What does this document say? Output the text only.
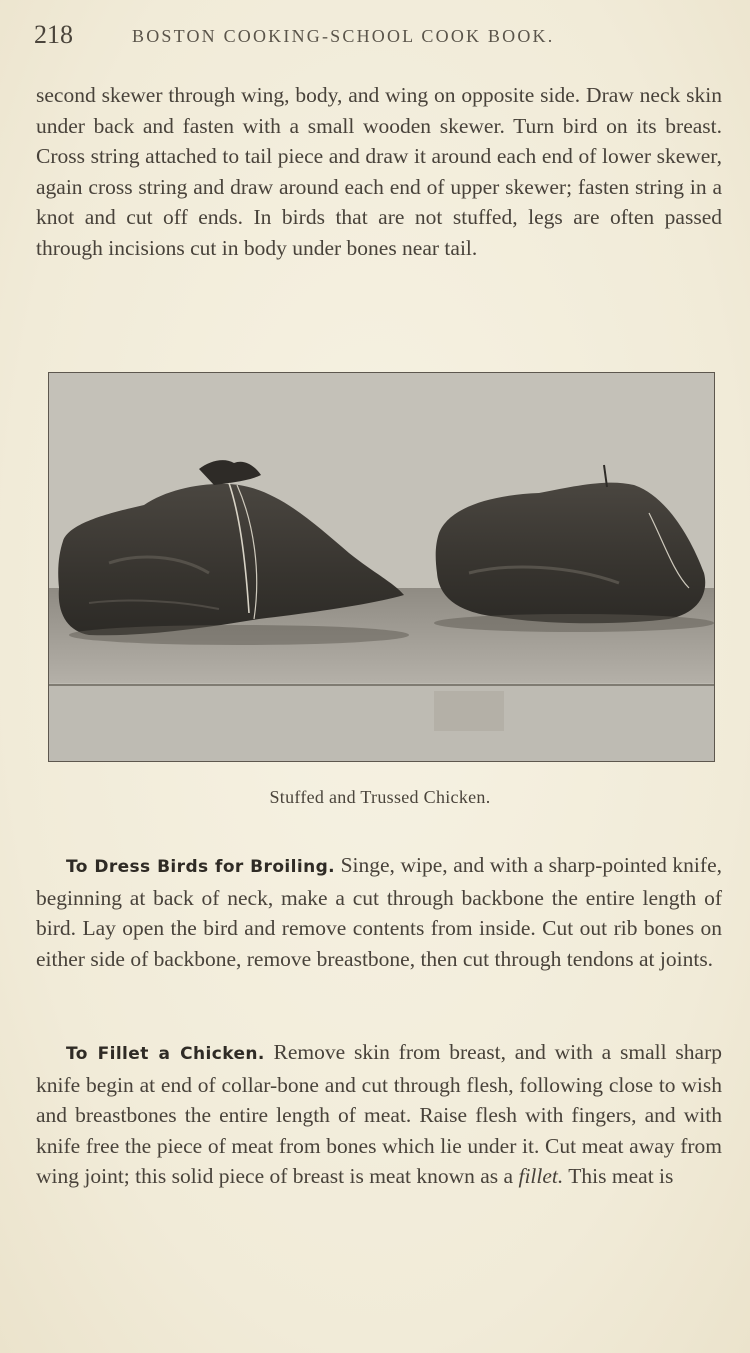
218	BOSTON COOKING-SCHOOL COOK BOOK.

second skewer through wing, body, and wing on opposite side. Draw neck skin under back and fasten with a small wooden skewer. Turn bird on its breast. Cross string attached to tail piece and draw it around each end of lower skewer, again cross string and draw around each end of upper skewer; fasten string in a knot and cut off ends. In birds that are not stuffed, legs are often passed through incisions cut in body under bones near tail.

Stuffed and Trussed Chicken.

To Dress Birds for Broiling. Singe, wipe, and with a sharp-pointed knife, beginning at back of neck, make a cut through backbone the entire length of bird. Lay open the bird and remove contents from inside. Cut out rib bones on either side of backbone, remove breastbone, then cut through tendons at joints.

To Fillet a Chicken. Remove skin from breast, and with a small sharp knife begin at end of collar-bone and cut through flesh, following close to wish and breastbones the entire length of meat. Raise flesh with fingers, and with knife free the piece of meat from bones which lie under it. Cut meat away from wing joint; this solid piece of breast is meat known as a fillet. This meat is
